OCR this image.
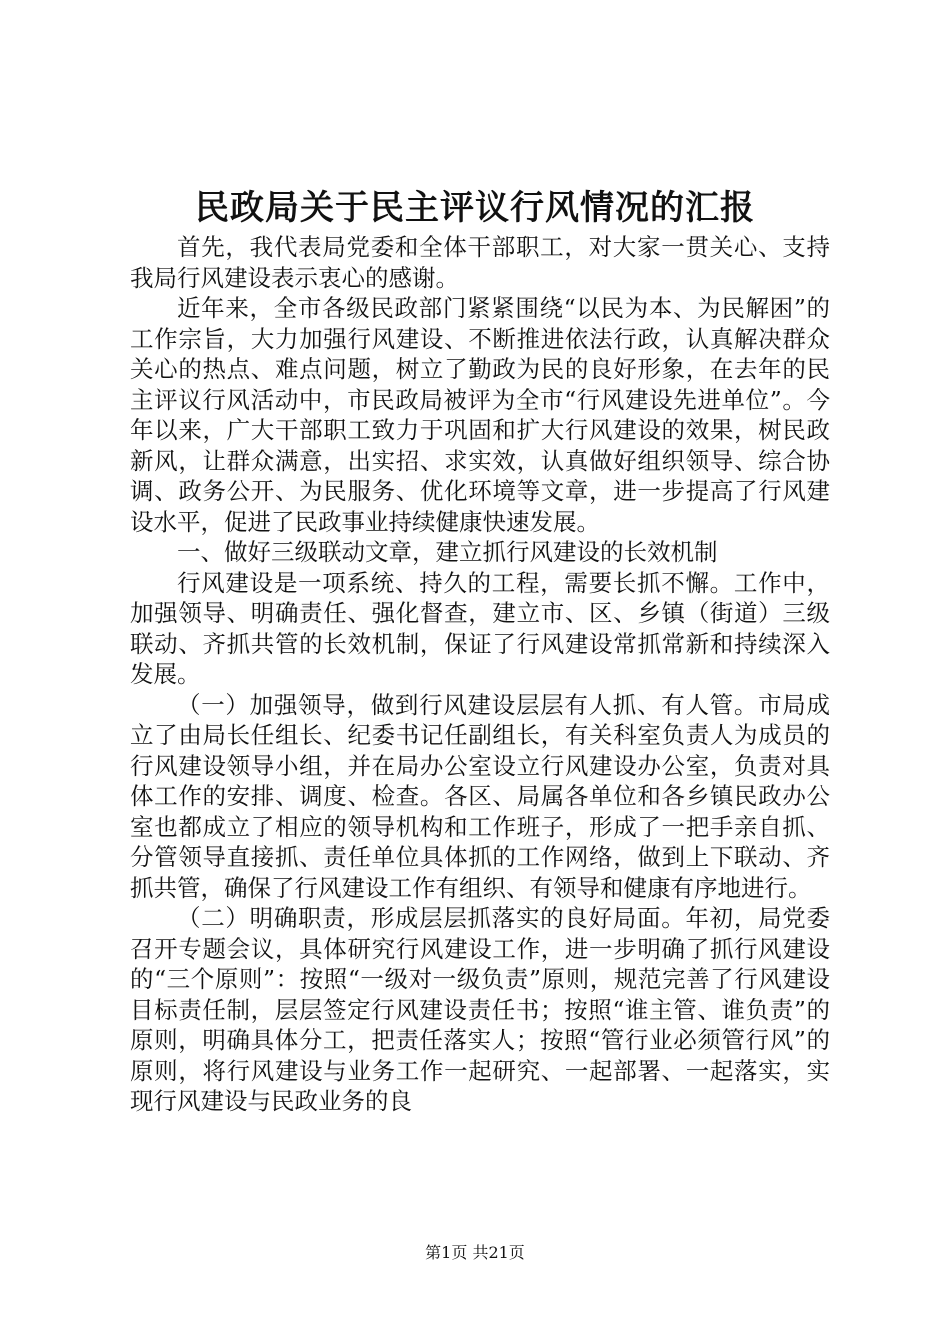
民政局关于民主评议行风情况的汇报

首先，我代表局党委和全体干部职工，对大家一贯关心、支持我局行风建设表示衷心的感谢。

近年来，全市各级民政部门紧紧围绕“以民为本、为民解困”的工作宗旨，大力加强行风建设、不断推进依法行政，认真解决群众关心的热点、难点问题，树立了勤政为民的良好形象，在去年的民主评议行风活动中，市民政局被评为全市“行风建设先进单位”。今年以来，广大干部职工致力于巩固和扩大行风建设的效果，树民政新风，让群众满意，出实招、求实效，认真做好组织领导、综合协调、政务公开、为民服务、优化环境等文章，进一步提高了行风建设水平，促进了民政事业持续健康快速发展。

一、做好三级联动文章，建立抓行风建设的长效机制

行风建设是一项系统、持久的工程，需要长抓不懈。工作中，加强领导、明确责任、强化督查，建立市、区、乡镇（街道）三级联动、齐抓共管的长效机制，保证了行风建设常抓常新和持续深入发展。

（一）加强领导，做到行风建设层层有人抓、有人管。市局成立了由局长任组长、纪委书记任副组长，有关科室负责人为成员的行风建设领导小组，并在局办公室设立行风建设办公室，负责对具体工作的安排、调度、检查。各区、局属各单位和各乡镇民政办公室也都成立了相应的领导机构和工作班子，形成了一把手亲自抓、分管领导直接抓、责任单位具体抓的工作网络，做到上下联动、齐抓共管，确保了行风建设工作有组织、有领导和健康有序地进行。

（二）明确职责，形成层层抓落实的良好局面。年初，局党委召开专题会议，具体研究行风建设工作，进一步明确了抓行风建设的“三个原则”：按照“一级对一级负责”原则，规范完善了行风建设目标责任制，层层签定行风建设责任书；按照“谁主管、谁负责”的原则，明确具体分工，把责任落实人；按照“管行业必须管行风”的原则，将行风建设与业务工作一起研究、一起部署、一起落实，实现行风建设与民政业务的良

第1页 共21页
